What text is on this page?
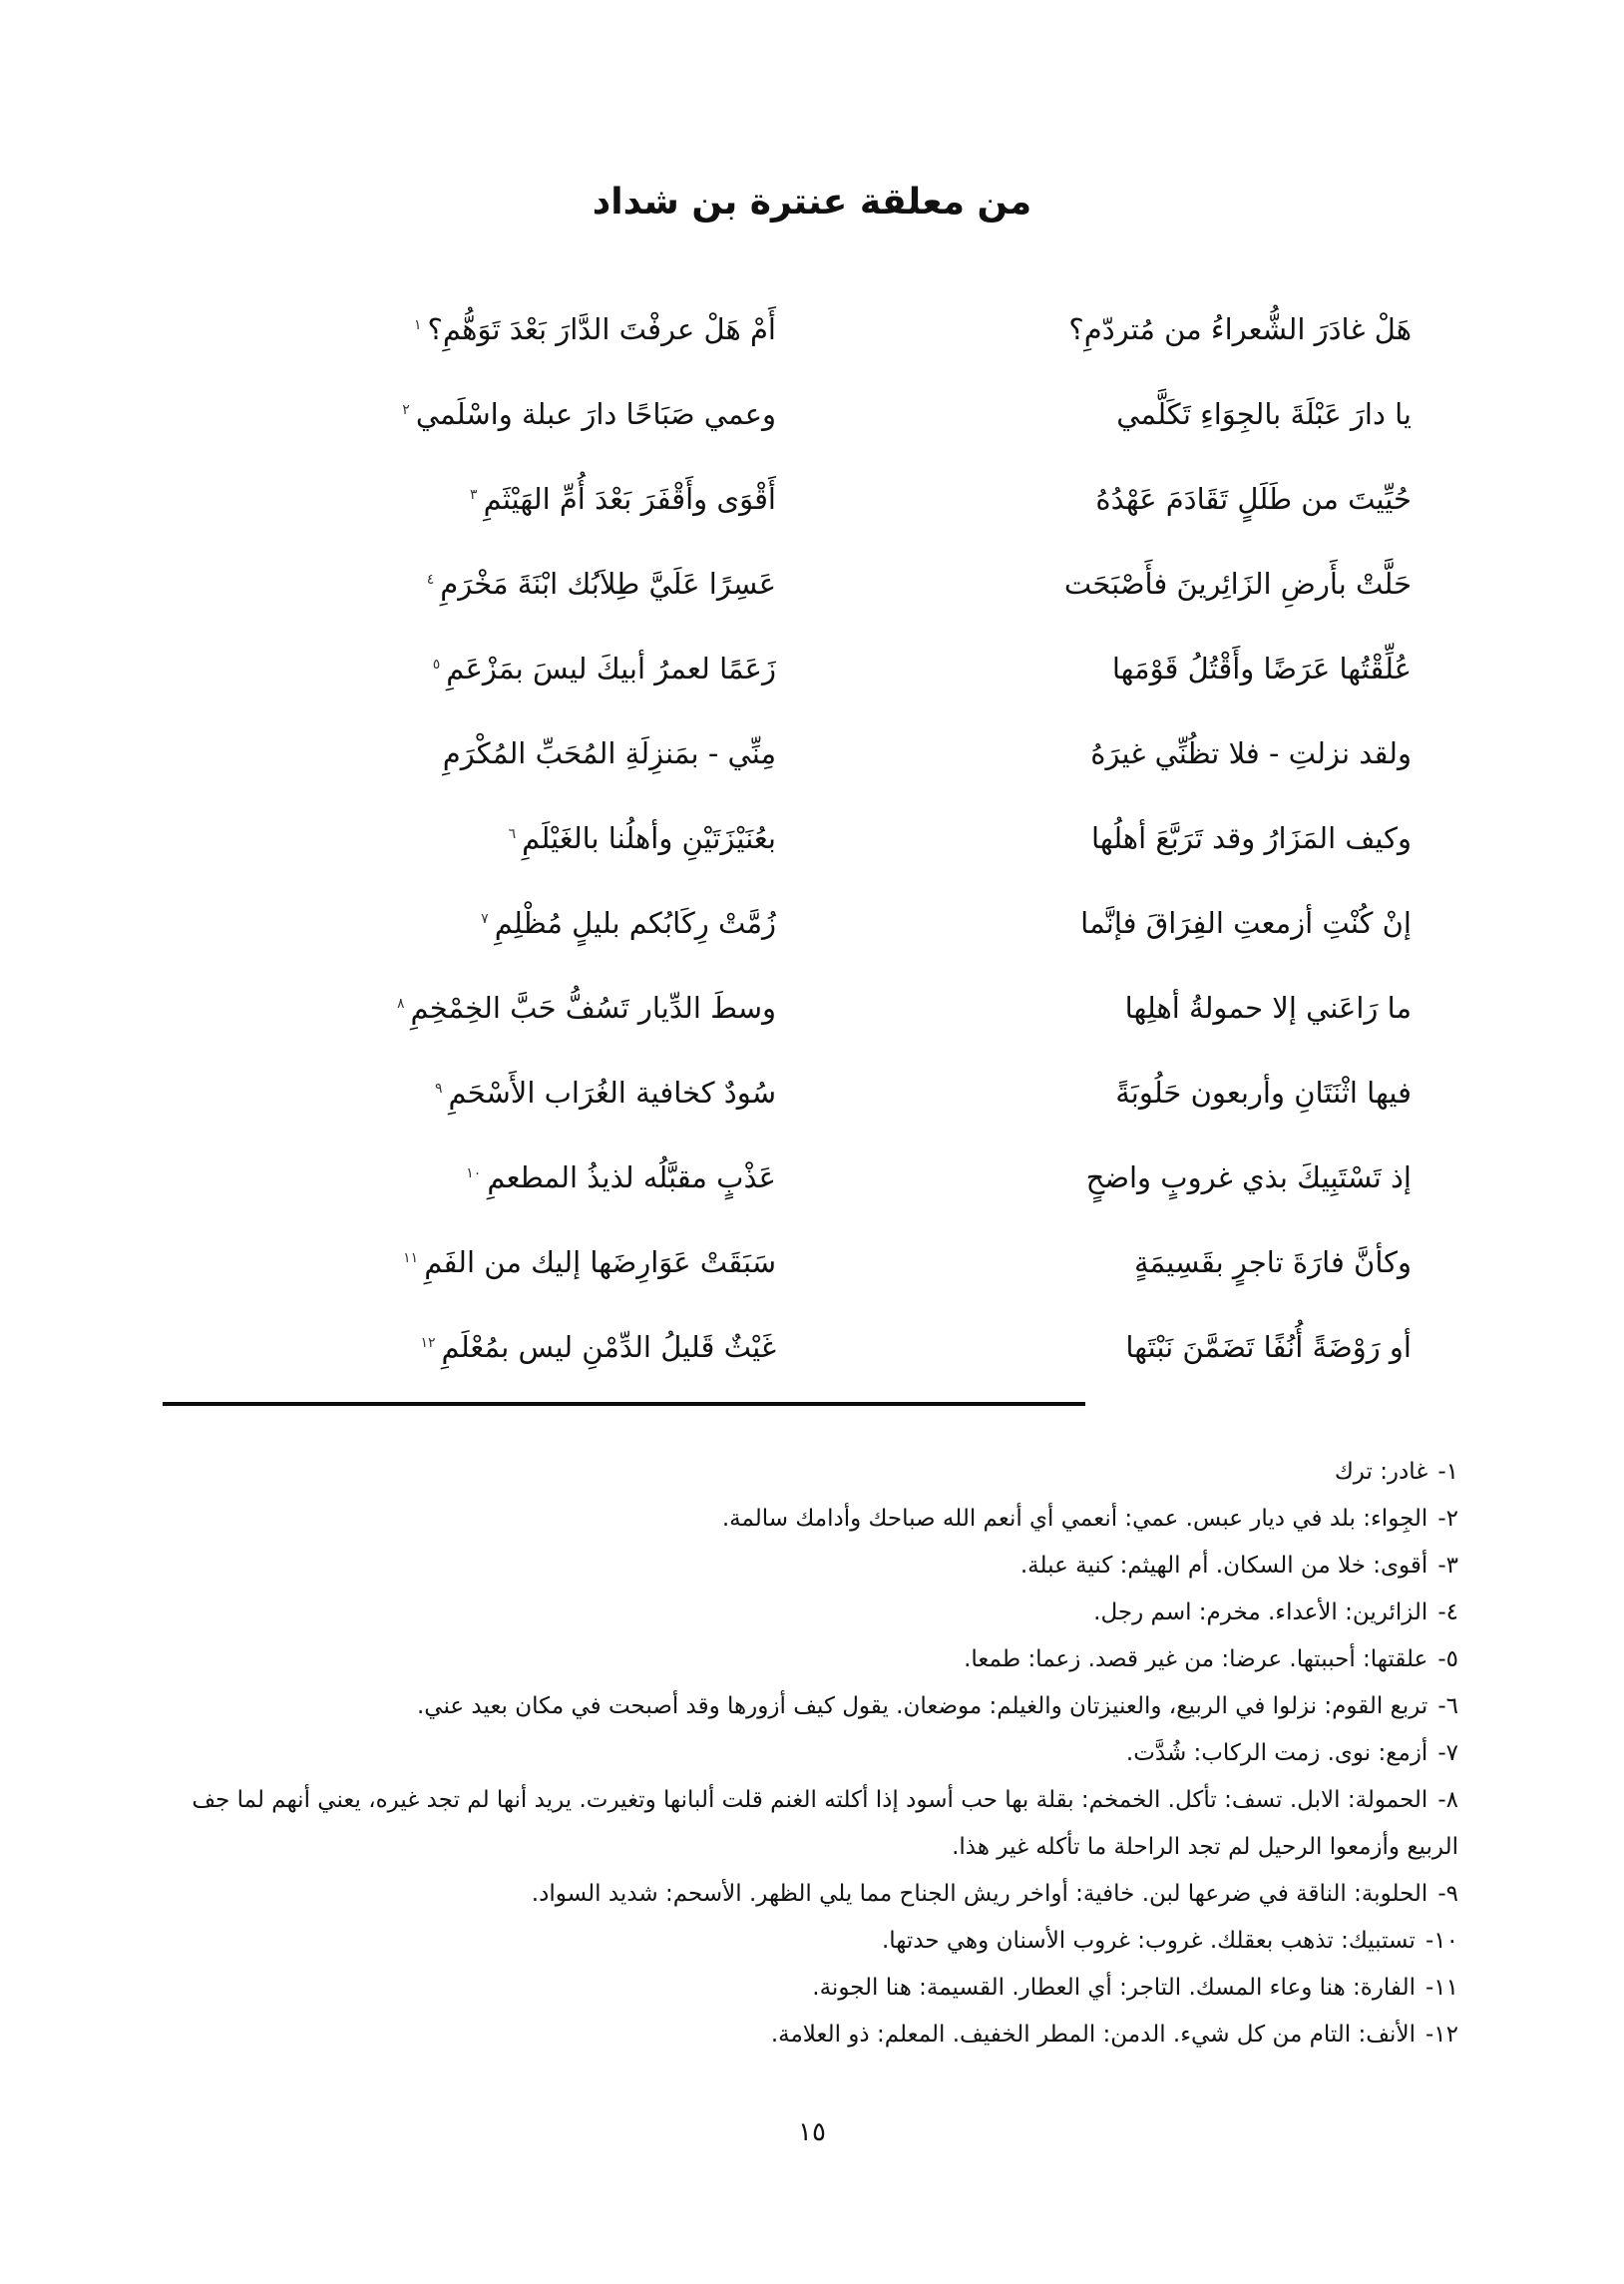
من معلقة عنترة بن شداد
هَلْ غادَرَ الشُّعراءُ من مُتردّمِ؟
أَمْ هَلْ عرفْتَ الدَّارَ بَعْدَ تَوَهُّمِ؟$^١$
يا دارَ عَبْلَةَ بالجِوَاءِ تَكَلَّمي
وعمي صَبَاحًا دارَ عبلة واسْلَمي$^٢$
حُيِّيتَ من طَلَلٍ تَقَادَمَ عَهْدُهُ
أَقْوَى وأَقْفَرَ بَعْدَ أُمِّ الهَيْثَمِ$^٣$
حَلَّتْ بأَرضِ الزَائِرينَ فأَصْبَحَت
عَسِرًا عَلَيَّ طِلاَبُك ابْنَةَ مَخْرَمِ$^٤$
عُلِّقْتُها عَرَضًا وأَقْتُلُ قَوْمَها
زَعَمًا لعمرُ أبيكَ ليسَ بمَزْعَمِ$^٥$
ولقد نزلتِ - فلا تظُنِّي غيرَهُ
مِنِّي - بمَنزِلَةِ المُحَبِّ المُكْرَمِ
وكيف المَزَارُ وقد تَرَبَّعَ أهلُها
بعُنَيْزَتَيْنِ وأهلُنا بالغَيْلَمِ$^٦$
إنْ كُنْتِ أزمعتِ الفِرَاقَ فإنَّما
زُمَّتْ رِكَابُكم بليلٍ مُظْلِمِ$^٧$
ما رَاعَني إلا حمولةُ أهلِها
وسطَ الدِّيار تَسُفُّ حَبَّ الخِمْخِمِ$^٨$
فيها اثْنَتَانِ وأربعون حَلُوبَةً
سُودٌ كخافية الغُرَاب الأَسْحَمِ$^٩$
إذ تَسْتَبِيكَ بذي غروبٍ واضحٍ
عَذْبٍ مقبَّلُه لذيذُ المطعمِ$^{١٠}$
وكأنَّ فارَةَ تاجرٍ بقَسِيمَةٍ
سَبَقَتْ عَوَارِضَها إليك من الفَمِ$^{١١}$
أو رَوْضَةً أُنُفًا تَضَمَّنَ نَبْتَها
غَيْثٌ قَليلُ الدِّمْنِ ليس بمُعْلَمِ$^{١٢}$
١-غادر: ترك
٢-الجِواء: بلد في ديار عبس. عمي: أنعمي أي أنعم الله صباحك وأدامك سالمة.
٣-أقوى: خلا من السكان. أم الهيثم: كنية عبلة.
٤-الزائرين: الأعداء. مخرم: اسم رجل.
٥-علقتها: أحببتها. عرضا: من غير قصد. زعما: طمعا.
٦-تربع القوم: نزلوا في الربيع، والعنيزتان والغيلم: موضعان. يقول كيف أزورها وقد أصبحت في مكان بعيد عني.
٧-أزمع: نوى. زمت الركاب: شُدَّت.
٨-الحمولة: الابل. تسف: تأكل. الخمخم: بقلة بها حب أسود إذا أكلته الغنم قلت ألبانها وتغيرت. يريد أنها لم تجد غيره، يعني أنهم لما جف الربيع وأزمعوا الرحيل لم تجد الراحلة ما تأكله غير هذا.
٩-الحلوبة: الناقة في ضرعها لبن. خافية: أواخر ريش الجناح مما يلي الظهر. الأسحم: شديد السواد.
١٠-تستبيك: تذهب بعقلك. غروب: غروب الأسنان وهي حدتها.
١١-الفارة: هنا وعاء المسك. التاجر: أي العطار. القسيمة: هنا الجونة.
١٢-الأنف: التام من كل شيء. الدمن: المطر الخفيف. المعلم: ذو العلامة.
١٥
